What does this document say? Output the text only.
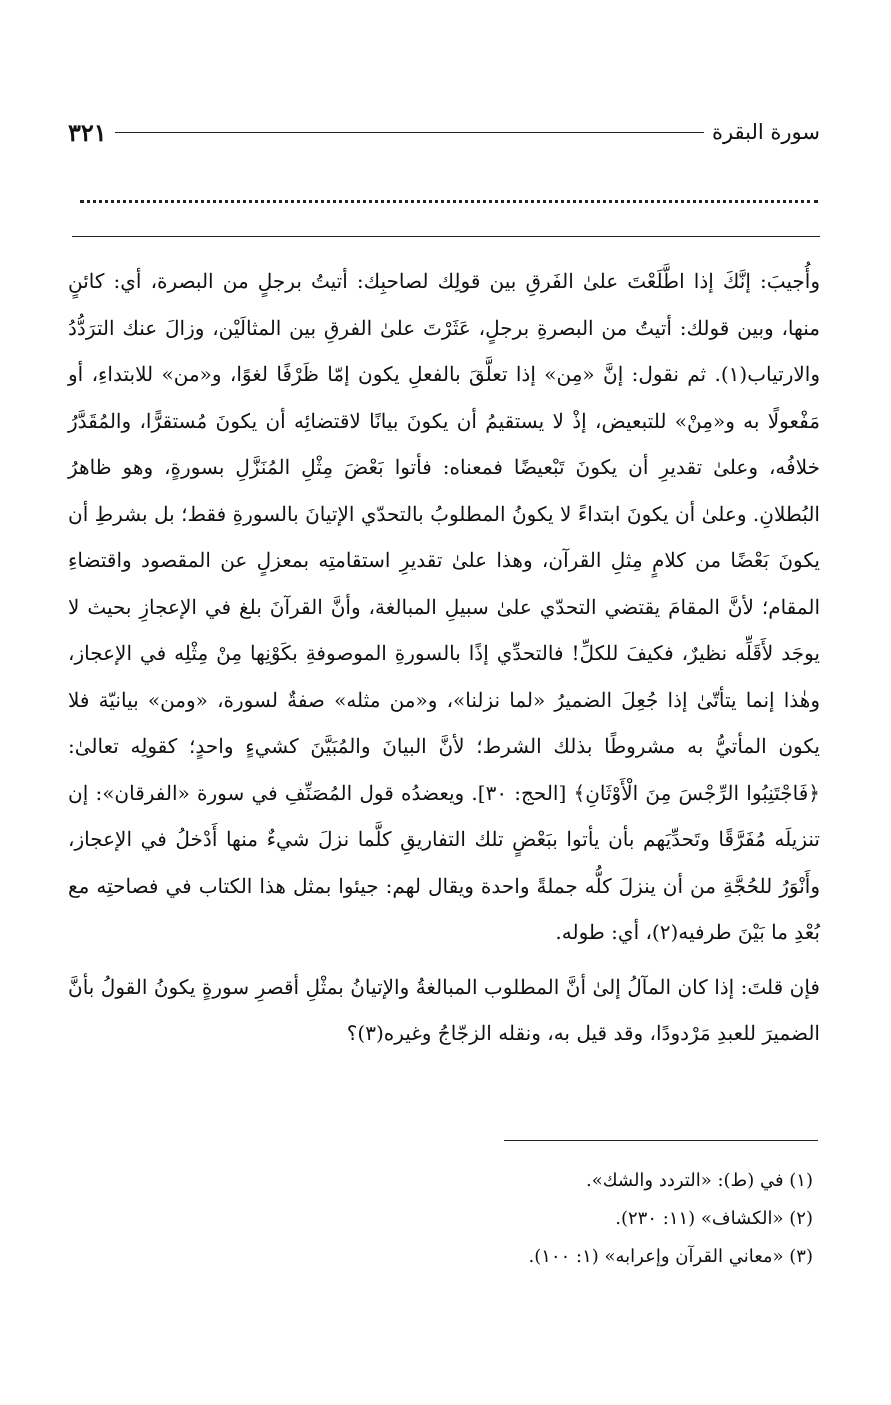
سورة البقرة
٣٢١

وأُجيبَ: إنَّكَ إذا اطَّلَعْتَ علىٰ الفَرقِ بين قولِك لصاحبِك: أتيتُ برجلٍ من البصرة، أي: كائنٍ منها، وبين قولك: أتيتُ من البصرةِ برجلٍ، عَثَرْتَ علىٰ الفرقِ بين المثالَيْن، وزالَ عنك الترَدُّدُ والارتياب(١). ثم نقول: إنَّ «مِن» إذا تعلَّقَ بالفعلِ يكون إمّا ظَرْفًا لغوًا، و«من» للابتداءِ، أو مَفْعولًا به و«مِنْ» للتبعيض، إذْ لا يستقيمُ أن يكونَ بيانًا لاقتضائِه أن يكونَ مُستقرًّا، والمُقَدَّرُ خلافُه، وعلىٰ تقديرِ أن يكونَ تَبْعيضًا فمعناه: فأتوا بَعْضَ مِثْلِ المُنَزَّلِ بسورةٍ، وهو ظاهرُ البُطلانِ. وعلىٰ أن يكونَ ابتداءً لا يكونُ المطلوبُ بالتحدّي الإتيانَ بالسورةِ فقط؛ بل بشرطِ أن يكونَ بَعْضًا من كلامٍ مِثلِ القرآن، وهذا علىٰ تقديرِ استقامتِه بمعزلٍ عن المقصود واقتضاءِ المقام؛ لأنَّ المقامَ يقتضي التحدّي علىٰ سبيلِ المبالغة، وأنَّ القرآنَ بلغ في الإعجازِ بحيث لا يوجَد لأَقَلِّه نظيرٌ، فكيفَ للكلِّ! فالتحدِّي إذًا بالسورةِ الموصوفةِ بكَوْنِها مِنْ مِثْلِه في الإعجاز، وهٰذا إنما يتأتّىٰ إذا جُعِلَ الضميرُ «لما نزلنا»، و«من مثله» صفةٌ لسورة، «ومن» بيانيّة فلا يكون المأتيُّ به مشروطًا بذلك الشرط؛ لأنَّ البيانَ والمُبَيَّنَ كشيءٍ واحدٍ؛ كقولِه تعالىٰ: ﴿فَاجْتَنِبُوا الرِّجْسَ مِنَ الْأَوْثَانِ﴾ [الحج: ٣٠]. ويعضدُه قول المُصَنِّفِ في سورة «الفرقان»: إن تنزيلَه مُفَرَّقًا وتَحدِّيَهم بأن يأتوا ببَعْضٍ تلك التفاريقِ كلَّما نزلَ شيءٌ منها أَدْخلُ في الإعجاز، وأَنْوَرُ للحُجَّةِ من أن ينزلَ كلُّه جملةً واحدة ويقال لهم: جيئوا بمثل هذا الكتاب في فصاحتِه مع بُعْدِ ما بَيْنَ طرفيه(٢)، أي: طوله.

فإن قلتَ: إذا كان المآلُ إلىٰ أنَّ المطلوب المبالغةُ والإتيانُ بمثْلِ أقصرِ سورةٍ يكونُ القولُ بأنَّ الضميرَ للعبدِ مَرْدودًا، وقد قيل به، ونقله الزجّاجُ وغيره(٣)؟

(١) في (ط): «التردد والشك».
(٢) «الكشاف» (١١: ٢٣٠).
(٣) «معاني القرآن وإعرابه» (١: ١٠٠).
